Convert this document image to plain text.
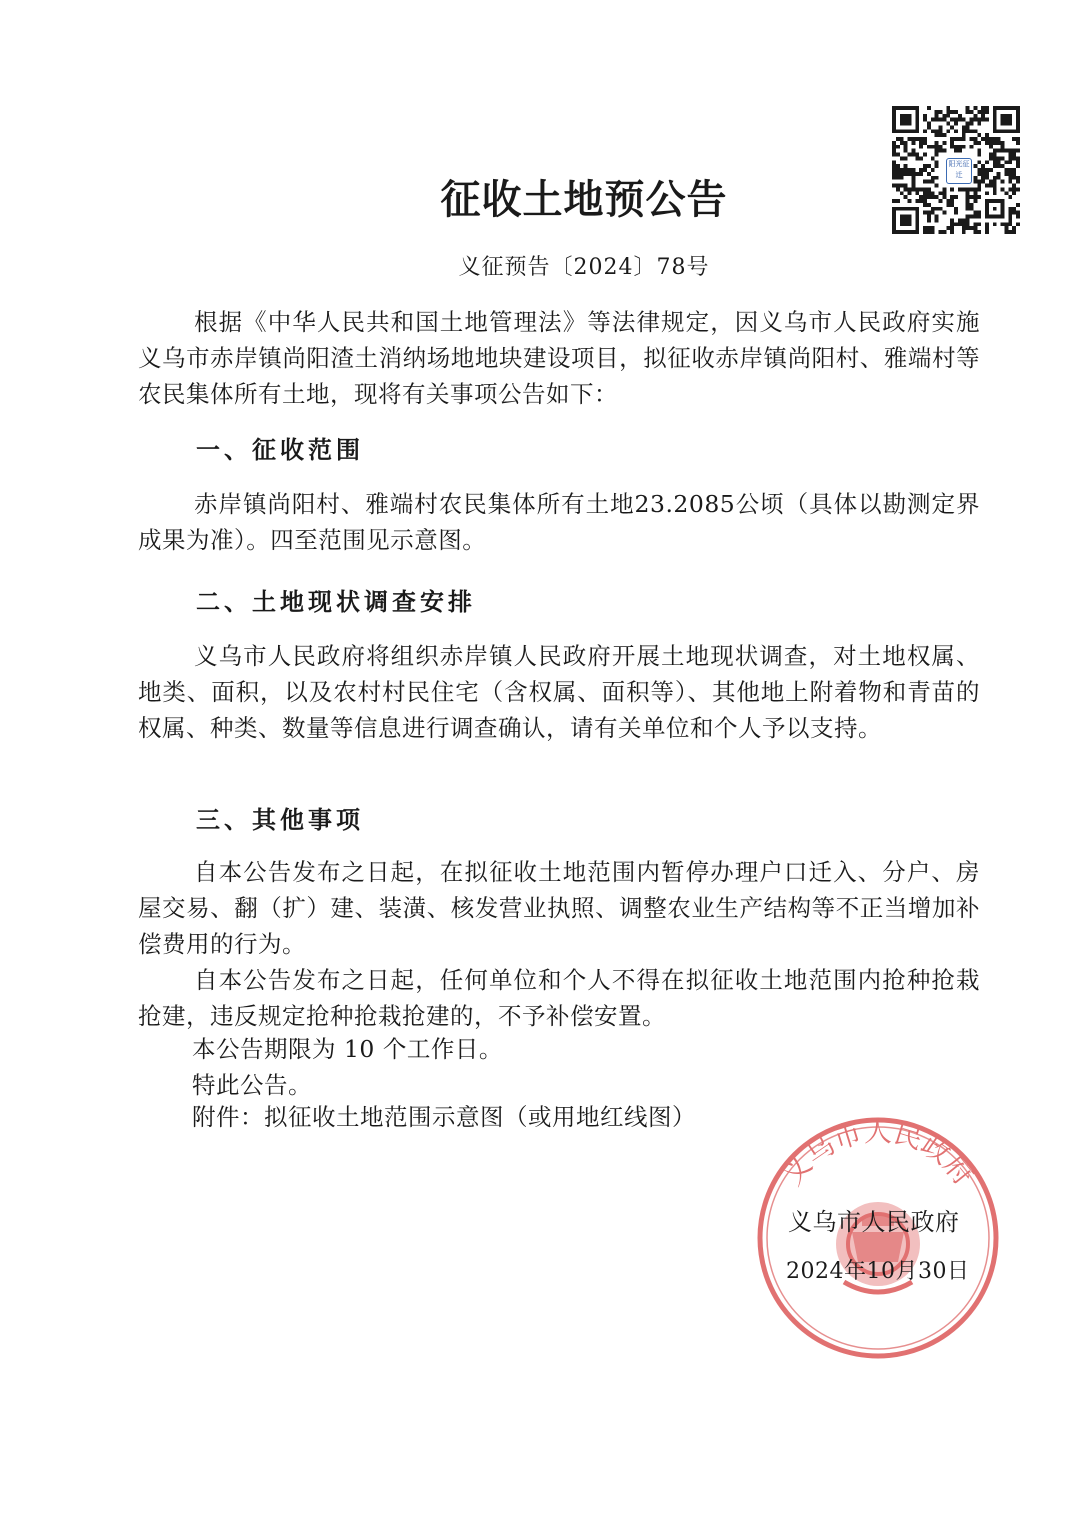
阳光征迁
征收土地预公告
义征预告〔2024〕78号

根据《中华人民共和国土地管理法》等法律规定，因义乌市人民政府实施义乌市赤岸镇尚阳渣土消纳场地地块建设项目，拟征收赤岸镇尚阳村、雅端村等农民集体所有土地，现将有关事项公告如下：

一、征收范围

赤岸镇尚阳村、雅端村农民集体所有土地23.2085公顷（具体以勘测定界成果为准）。四至范围见示意图。

二、土地现状调查安排

义乌市人民政府将组织赤岸镇人民政府开展土地现状调查，对土地权属、地类、面积，以及农村村民住宅（含权属、面积等）、其他地上附着物和青苗的权属、种类、数量等信息进行调查确认，请有关单位和个人予以支持。

三、其他事项

自本公告发布之日起，在拟征收土地范围内暂停办理户口迁入、分户、房屋交易、翻（扩）建、装潢、核发营业执照、调整农业生产结构等不正当增加补偿费用的行为。

自本公告发布之日起，任何单位和个人不得在拟征收土地范围内抢种抢栽抢建，违反规定抢种抢栽抢建的，不予补偿安置。

本公告期限为 10 个工作日。
特此公告。
附件：拟征收土地范围示意图（或用地红线图）
义乌市人民政府
义乌市人民政府
2024年10月30日
